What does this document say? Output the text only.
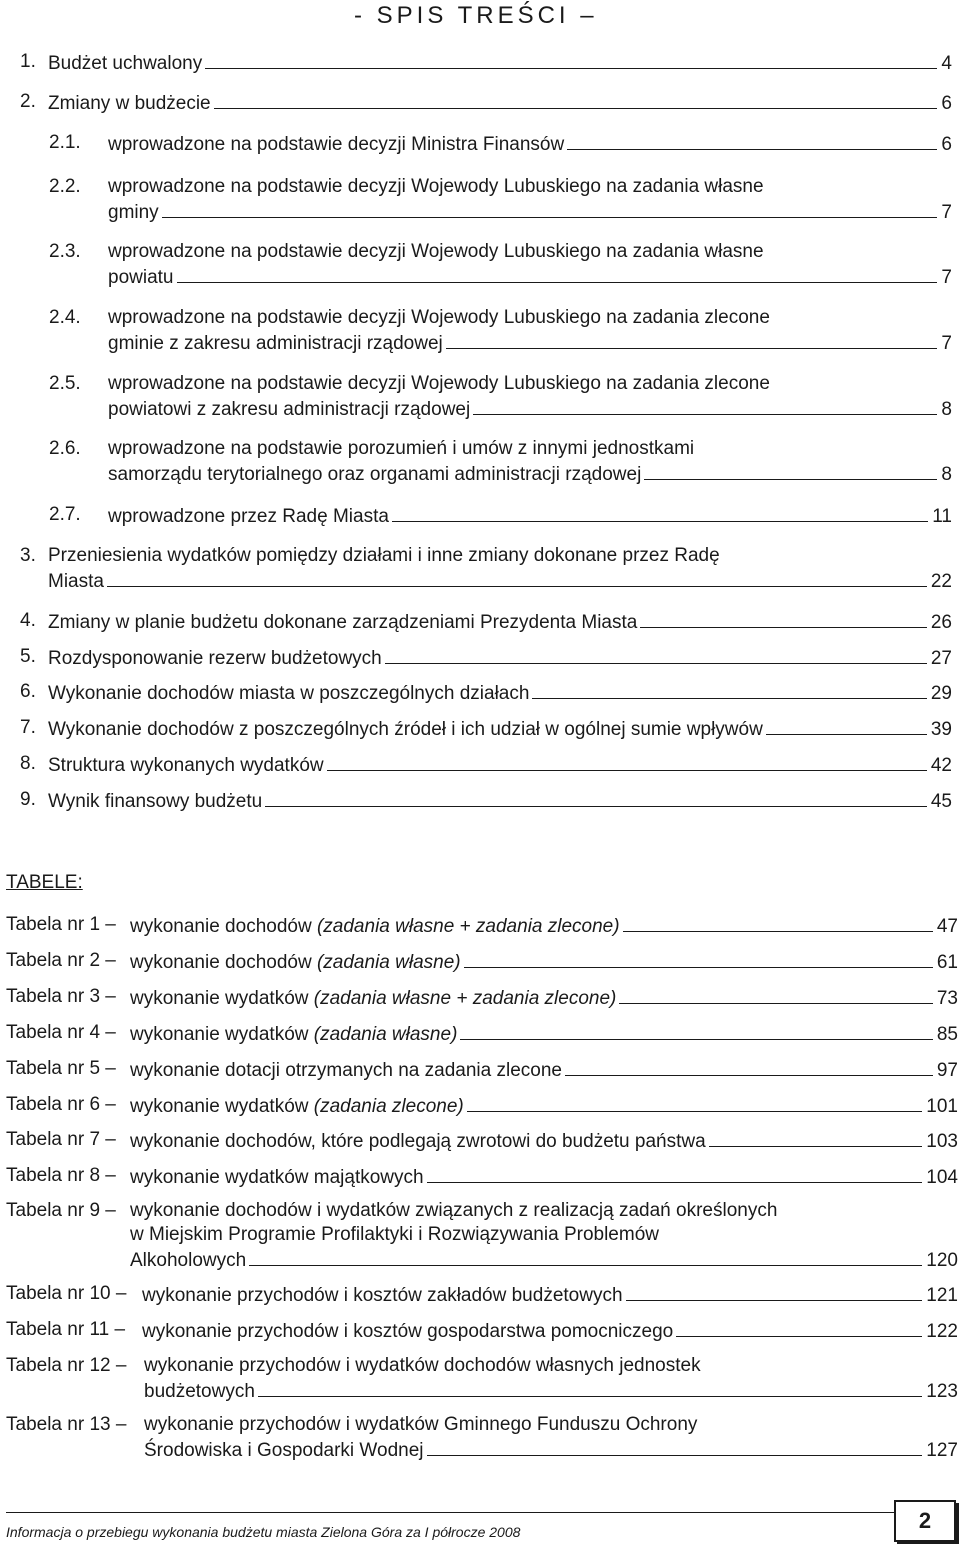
- SPIS TREŚCI –
1. Budżet uchwalony	4
2. Zmiany w budżecie	6
2.1. wprowadzone na podstawie decyzji Ministra Finansów	6
2.2. wprowadzone na podstawie decyzji Wojewody Lubuskiego na zadania własne
gminy	7
2.3. wprowadzone na podstawie decyzji Wojewody Lubuskiego na zadania własne
powiatu	7
2.4. wprowadzone na podstawie decyzji Wojewody Lubuskiego na zadania zlecone
gminie z zakresu administracji rządowej	7
2.5. wprowadzone na podstawie decyzji Wojewody Lubuskiego na zadania zlecone
powiatowi z zakresu administracji rządowej	8
2.6. wprowadzone na podstawie porozumień i umów z innymi jednostkami
samorządu terytorialnego oraz organami administracji rządowej	8
2.7. wprowadzone przez Radę Miasta	11
3. Przeniesienia wydatków pomiędzy działami i inne zmiany dokonane przez Radę
Miasta	22
4. Zmiany w planie budżetu dokonane zarządzeniami Prezydenta Miasta	26
5. Rozdysponowanie rezerw budżetowych	27
6. Wykonanie dochodów miasta w poszczególnych działach	29
7. Wykonanie dochodów z poszczególnych źródeł i ich udział w ogólnej sumie wpływów	39
8. Struktura wykonanych wydatków	42
9. Wynik finansowy budżetu	45
TABELE:
Tabela nr 1 – wykonanie dochodów
(zadania własne + zadania zlecone)	47
Tabela nr 2 – wykonanie dochodów
(zadania własne)	61
Tabela nr 3 – wykonanie wydatków
(zadania własne + zadania zlecone)	73
Tabela nr 4 – wykonanie wydatków
(zadania własne)	85
Tabela nr 5 – wykonanie dotacji otrzymanych na zadania zlecone	97
Tabela nr 6 – wykonanie wydatków
(zadania zlecone)	101
Tabela nr 7 – wykonanie dochodów, które podlegają zwrotowi do budżetu państwa	103
Tabela nr 8 – wykonanie wydatków majątkowych	104
Tabela nr 9 – wykonanie dochodów i wydatków związanych z realizacją zadań określonych
w Miejskim Programie Profilaktyki i Rozwiązywania Problemów
Alkoholowych	120
Tabela nr 10 – wykonanie przychodów i kosztów zakładów budżetowych	121
Tabela nr 11 – wykonanie przychodów i kosztów gospodarstwa pomocniczego	122
Tabela nr 12 – wykonanie przychodów i wydatków dochodów własnych jednostek
budżetowych	123
Tabela nr 13 – wykonanie przychodów i wydatków Gminnego Funduszu Ochrony
Środowiska i Gospodarki Wodnej	127
Informacja o przebiegu wykonania budżetu miasta Zielona Góra za I półrocze 2008	2
